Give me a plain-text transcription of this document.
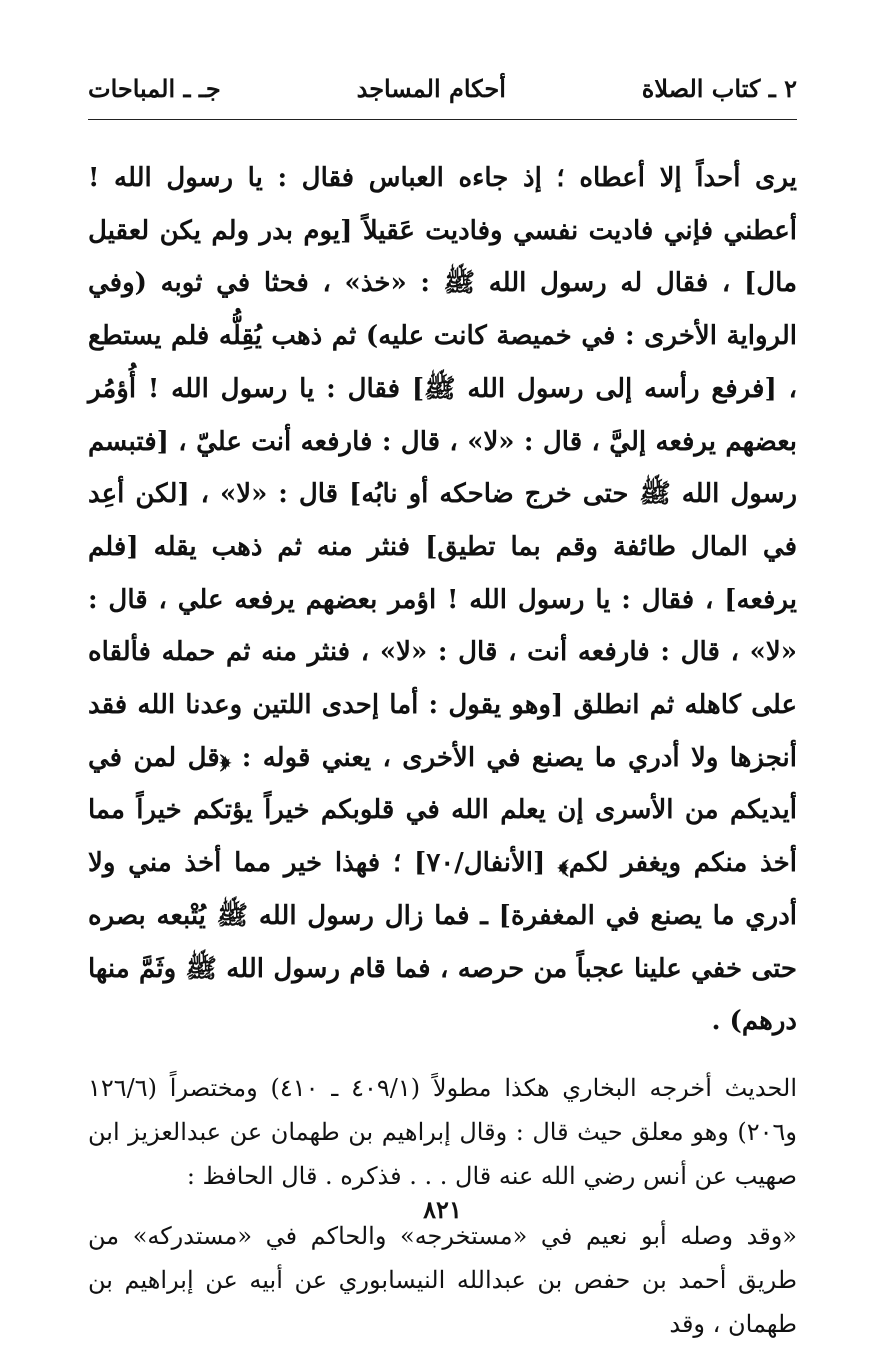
٢ ـ كتاب الصلاة
أحكام المساجد
جـ ـ المباحات

يرى أحداً إلا أعطاه ؛ إذ جاءه العباس فقال : يا رسول الله ! أعطني فإني فاديت نفسي وفاديت عَقيلاً [يوم بدر ولم يكن لعقيل مال] ، فقال له رسول الله ﷺ : «خذ» ، فحثا في ثوبه (وفي الرواية الأخرى : في خميصة كانت عليه) ثم ذهب يُقِلُّه فلم يستطع ، [فرفع رأسه إلى رسول الله ﷺ] فقال : يا رسول الله ! أُؤمُر بعضهم يرفعه إليَّ ، قال : «لا» ، قال : فارفعه أنت عليّ ، [فتبسم رسول الله ﷺ حتى خرج ضاحكه أو نابُه] قال : «لا» ، [لكن أعِد في المال طائفة وقم بما تطيق] فنثر منه ثم ذهب يقله [فلم يرفعه] ، فقال : يا رسول الله ! اؤمر بعضهم يرفعه علي ، قال : «لا» ، قال : فارفعه أنت ، قال : «لا» ، فنثر منه ثم حمله فألقاه على كاهله ثم انطلق [وهو يقول : أما إحدى اللتين وعدنا الله فقد أنجزها ولا أدري ما يصنع في الأخرى ، يعني قوله : ﴿قل لمن في أيديكم من الأسرى إن يعلم الله في قلوبكم خيراً يؤتكم خيراً مما أخذ منكم ويغفر لكم﴾ [الأنفال/٧٠] ؛ فهذا خير مما أخذ مني ولا أدري ما يصنع في المغفرة] ـ فما زال رسول الله ﷺ يُتْبعه بصره حتى خفي علينا عجباً من حرصه ، فما قام رسول الله ﷺ وثَمَّ منها درهم) .

الحديث أخرجه البخاري هكذا مطولاً (٤٠٩/١ ـ ٤١٠) ومختصراً (١٢٦/٦ و٢٠٦) وهو معلق حيث قال : وقال إبراهيم بن طهمان عن عبدالعزيز ابن صهيب عن أنس رضي الله عنه قال . . . فذكره . قال الحافظ :

«وقد وصله أبو نعيم في «مستخرجه» والحاكم في «مستدركه» من طريق أحمد بن حفص بن عبدالله النيسابوري عن أبيه عن إبراهيم بن طهمان ، وقد

٨٢١
